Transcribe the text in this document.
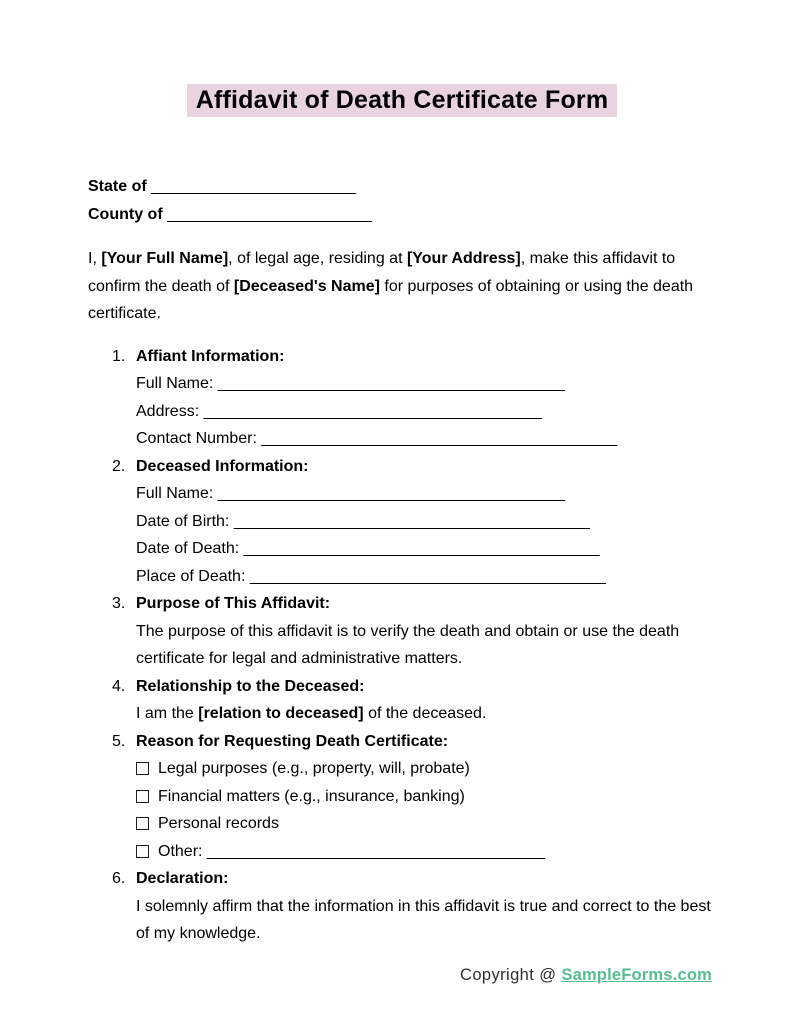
Affidavit of Death Certificate Form
State of _______________________
County of _______________________

I, [Your Full Name], of legal age, residing at [Your Address], make this affidavit to confirm the death of [Deceased's Name] for purposes of obtaining or using the death certificate.

1. Affiant Information:
Full Name: _______________________________________
Address: ______________________________________
Contact Number: ________________________________________
2. Deceased Information:
Full Name: _______________________________________
Date of Birth: ________________________________________
Date of Death: ________________________________________
Place of Death: ________________________________________
3. Purpose of This Affidavit:
The purpose of this affidavit is to verify the death and obtain or use the death certificate for legal and administrative matters.
4. Relationship to the Deceased:
I am the [relation to deceased] of the deceased.
5. Reason for Requesting Death Certificate:
Legal purposes (e.g., property, will, probate)
Financial matters (e.g., insurance, banking)
Personal records
Other: ______________________________________
6. Declaration:
I solemnly affirm that the information in this affidavit is true and correct to the best of my knowledge.
Copyright @ SampleForms.com
